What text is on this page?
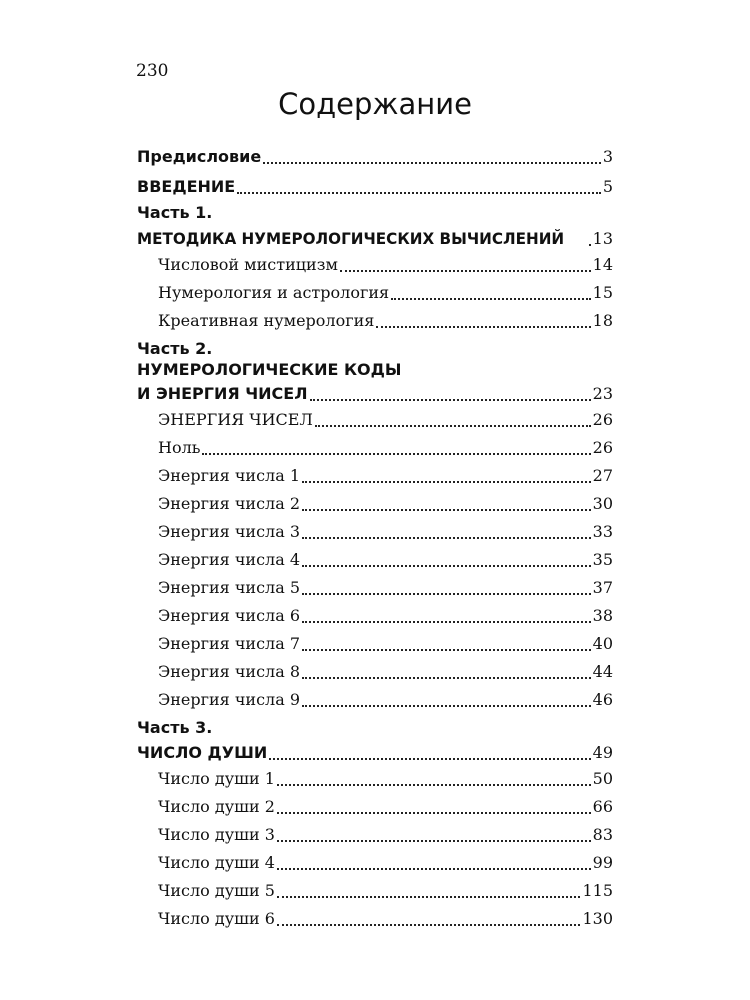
230
Содержание
Предисловие	3
ВВЕДЕНИЕ	5
Часть 1.
МЕТОДИКА НУМЕРОЛОГИЧЕСКИХ ВЫЧИСЛЕНИЙ	13
Числовой мистицизм	14
Нумерология и астрология	15
Креативная нумерология	18
Часть 2.
НУМЕРОЛОГИЧЕСКИЕ КОДЫ
И ЭНЕРГИЯ ЧИСЕЛ	23
ЭНЕРГИЯ ЧИСЕЛ	26
Ноль	26
Энергия числа 1	27
Энергия числа 2	30
Энергия числа 3	33
Энергия числа 4	35
Энергия числа 5	37
Энергия числа 6	38
Энергия числа 7	40
Энергия числа 8	44
Энергия числа 9	46
Часть 3.
ЧИСЛО ДУШИ	49
Число души 1	50
Число души 2	66
Число души 3	83
Число души 4	99
Число души 5	115
Число души 6	130
